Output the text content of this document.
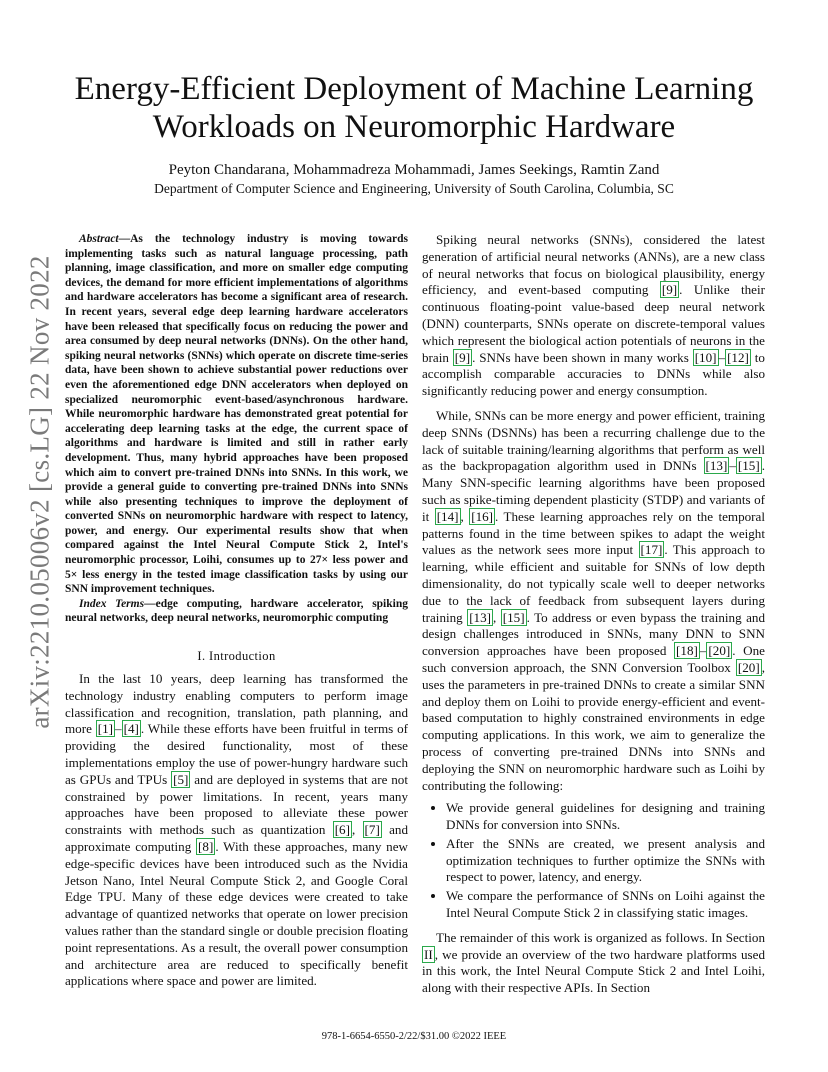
arXiv:2210.05006v2 [cs.LG] 22 Nov 2022
Energy-Efficient Deployment of Machine Learning
Workloads on Neuromorphic Hardware
Peyton Chandarana, Mohammadreza Mohammadi, James Seekings, Ramtin Zand
Department of Computer Science and Engineering, University of South Carolina, Columbia, SC

Abstract—As the technology industry is moving towards implementing tasks such as natural language processing, path planning, image classification, and more on smaller edge computing devices, the demand for more efficient implementations of algorithms and hardware accelerators has become a significant area of research. In recent years, several edge deep learning hardware accelerators have been released that specifically focus on reducing the power and area consumed by deep neural networks (DNNs). On the other hand, spiking neural networks (SNNs) which operate on discrete time-series data, have been shown to achieve substantial power reductions over even the aforementioned edge DNN accelerators when deployed on specialized neuromorphic event-based/asynchronous hardware. While neuromorphic hardware has demonstrated great potential for accelerating deep learning tasks at the edge, the current space of algorithms and hardware is limited and still in rather early development. Thus, many hybrid approaches have been proposed which aim to convert pre-trained DNNs into SNNs. In this work, we provide a general guide to converting pre-trained DNNs into SNNs while also presenting techniques to improve the deployment of converted SNNs on neuromorphic hardware with respect to latency, power, and energy. Our experimental results show that when compared against the Intel Neural Compute Stick 2, Intel's neuromorphic processor, Loihi, consumes up to 27× less power and 5× less energy in the tested image classification tasks by using our SNN improvement techniques.

Index Terms—edge computing, hardware accelerator, spiking neural networks, deep neural networks, neuromorphic computing

I. Introduction

In the last 10 years, deep learning has transformed the technology industry enabling computers to perform image classification and recognition, translation, path planning, and more [1] – [4] . While these efforts have been fruitful in terms of providing the desired functionality, most of these implementations employ the use of power-hungry hardware such as GPUs and TPUs [5] and are deployed in systems that are not constrained by power limitations. In recent, years many approaches have been proposed to alleviate these power constraints with methods such as quantization [6] , [7] and approximate computing [8] . With these approaches, many new edge-specific devices have been introduced such as the Nvidia Jetson Nano, Intel Neural Compute Stick 2, and Google Coral Edge TPU. Many of these edge devices were created to take advantage of quantized networks that operate on lower precision values rather than the standard single or double precision floating point representations. As a result, the overall power consumption and architecture area are reduced to specifically benefit applications where space and power are limited.

Spiking neural networks (SNNs), considered the latest generation of artificial neural networks (ANNs), are a new class of neural networks that focus on biological plausibility, energy efficiency, and event-based computing [9] . Unlike their continuous floating-point value-based deep neural network (DNN) counterparts, SNNs operate on discrete-temporal values which represent the biological action potentials of neurons in the brain [9] . SNNs have been shown in many works [10] – [12] to accomplish comparable accuracies to DNNs while also significantly reducing power and energy consumption.

While, SNNs can be more energy and power efficient, training deep SNNs (DSNNs) has been a recurring challenge due to the lack of suitable training/learning algorithms that perform as well as the backpropagation algorithm used in DNNs [13] – [15] . Many SNN-specific learning algorithms have been proposed such as spike-timing dependent plasticity (STDP) and variants of it [14] , [16] . These learning approaches rely on the temporal patterns found in the time between spikes to adapt the weight values as the network sees more input [17] . This approach to learning, while efficient and suitable for SNNs of low depth dimensionality, do not typically scale well to deeper networks due to the lack of feedback from subsequent layers during training [13] , [15] . To address or even bypass the training and design challenges introduced in SNNs, many DNN to SNN conversion approaches have been proposed [18] – [20] . One such conversion approach, the SNN Conversion Toolbox [20] , uses the parameters in pre-trained DNNs to create a similar SNN and deploy them on Loihi to provide energy-efficient and event-based computation to highly constrained environments in edge computing applications. In this work, we aim to generalize the process of converting pre-trained DNNs into SNNs and deploying the SNN on neuromorphic hardware such as Loihi by contributing the following:

• We provide general guidelines for designing and training DNNs for conversion into SNNs.
• After the SNNs are created, we present analysis and optimization techniques to further optimize the SNNs with respect to power, latency, and energy.
• We compare the performance of SNNs on Loihi against the Intel Neural Compute Stick 2 in classifying static images.

The remainder of this work is organized as follows. In Section II , we provide an overview of the two hardware platforms used in this work, the Intel Neural Compute Stick 2 and Intel Loihi, along with their respective APIs. In Section

978-1-6654-6550-2/22/$31.00 ©2022 IEEE
